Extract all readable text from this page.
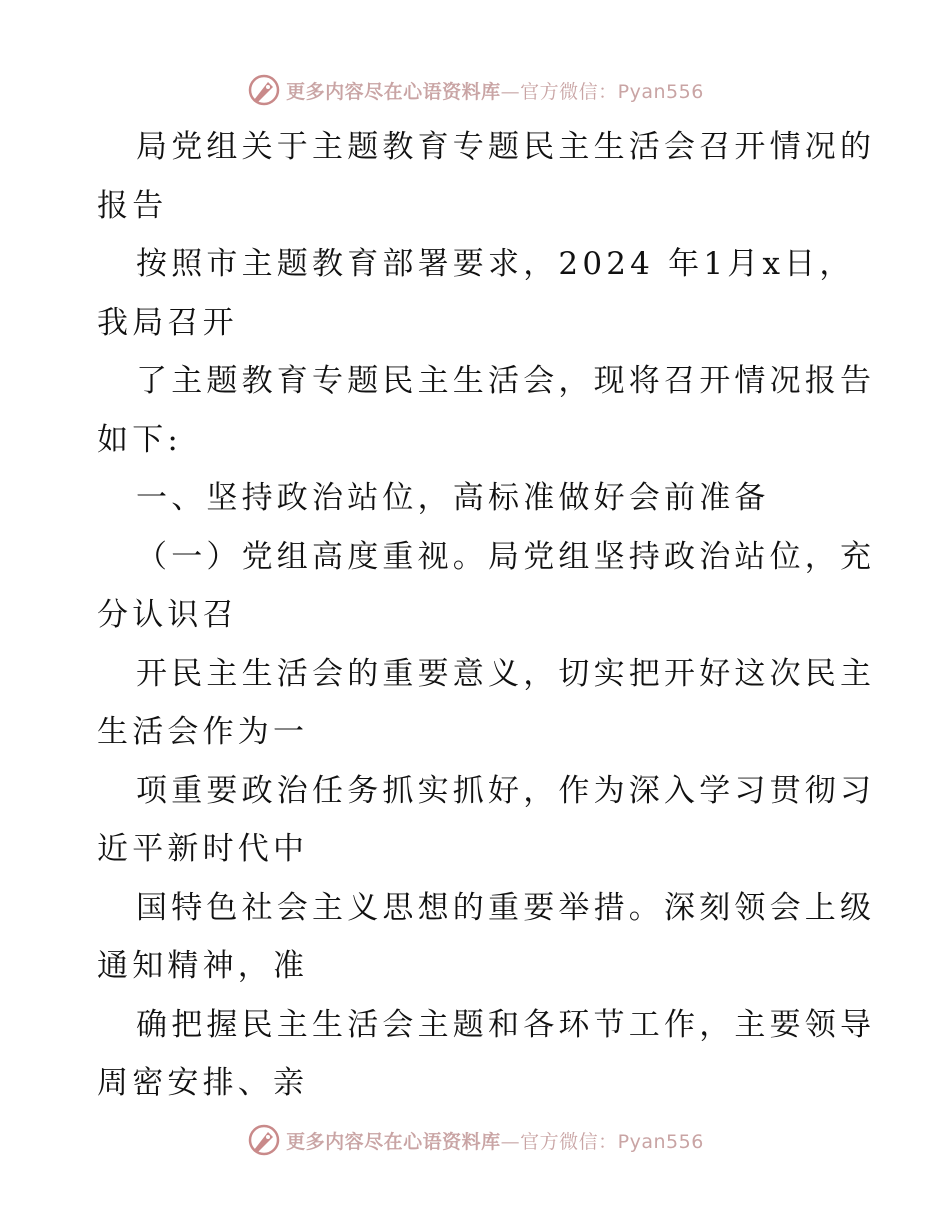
更多内容尽在心语资料库—官方微信：Pyan556
局党组关于主题教育专题民主生活会召开情况的
报告
按照市主题教育部署要求，2024 年1月x日，
我局召开
了主题教育专题民主生活会，现将召开情况报告
如下:
一、坚持政治站位，高标准做好会前准备
（一）党组高度重视。局党组坚持政治站位，充
分认识召
开民主生活会的重要意义，切实把开好这次民主
生活会作为一
项重要政治任务抓实抓好，作为深入学习贯彻习
近平新时代中
国特色社会主义思想的重要举措。深刻领会上级
通知精神，准
确把握民主生活会主题和各环节工作，主要领导
周密安排、亲
更多内容尽在心语资料库—官方微信：Pyan556
